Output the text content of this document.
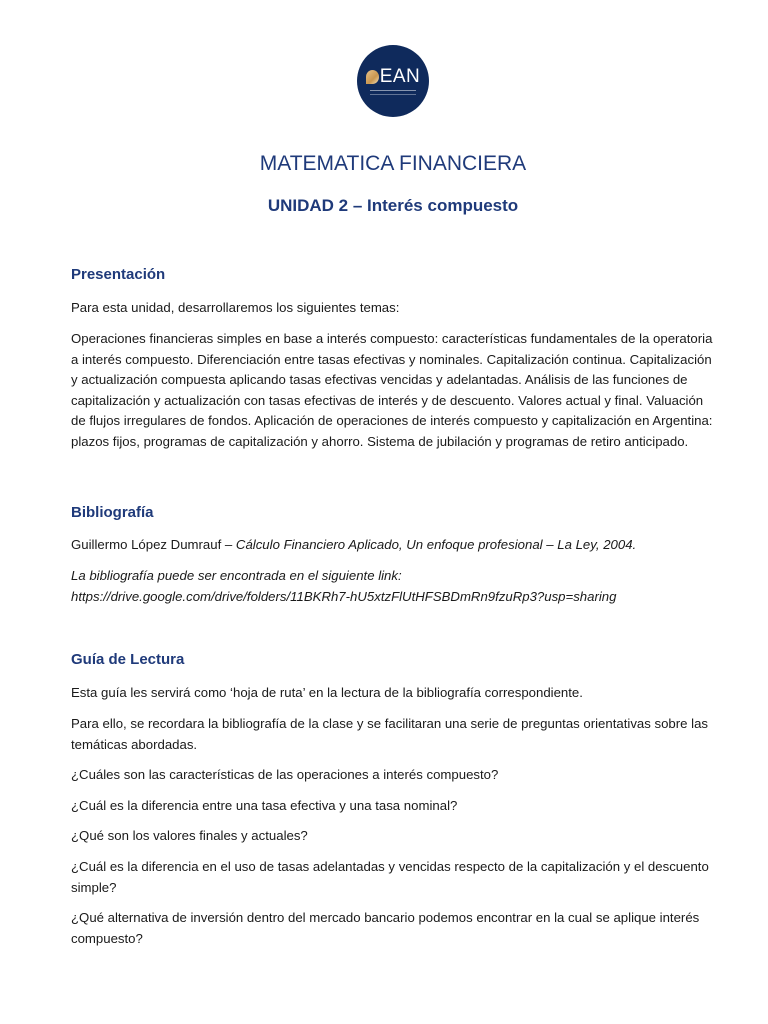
EAN
MATEMATICA FINANCIERA
UNIDAD 2 – Interés compuesto
Presentación

Para esta unidad, desarrollaremos los siguientes temas:

Operaciones financieras simples en base a interés compuesto: características fundamentales de la operatoria a interés compuesto. Diferenciación entre tasas efectivas y nominales. Capitalización continua. Capitalización y actualización compuesta aplicando tasas efectivas vencidas y adelantadas. Análisis de las funciones de capitalización y actualización con tasas efectivas de interés y de descuento. Valores actual y final. Valuación de flujos irregulares de fondos. Aplicación de operaciones de interés compuesto y capitalización en Argentina: plazos fijos, programas de capitalización y ahorro. Sistema de jubilación y programas de retiro anticipado.

Bibliografía

Guillermo López Dumrauf – Cálculo Financiero Aplicado, Un enfoque profesional – La Ley, 2004.

La bibliografía puede ser encontrada en el siguiente link:

https://drive.google.com/drive/folders/11BKRh7-hU5xtzFlUtHFSBDmRn9fzuRp3?usp=sharing

Guía de Lectura

Esta guía les servirá como ‘hoja de ruta’ en la lectura de la bibliografía correspondiente.

Para ello, se recordara la bibliografía de la clase y se facilitaran una serie de preguntas orientativas sobre las temáticas abordadas.

¿Cuáles son las características de las operaciones a interés compuesto?

¿Cuál es la diferencia entre una tasa efectiva y una tasa nominal?

¿Qué son los valores finales y actuales?

¿Cuál es la diferencia en el uso de tasas adelantadas y vencidas respecto de la capitalización y el descuento simple?

¿Qué alternativa de inversión dentro del mercado bancario podemos encontrar en la cual se aplique interés compuesto?
